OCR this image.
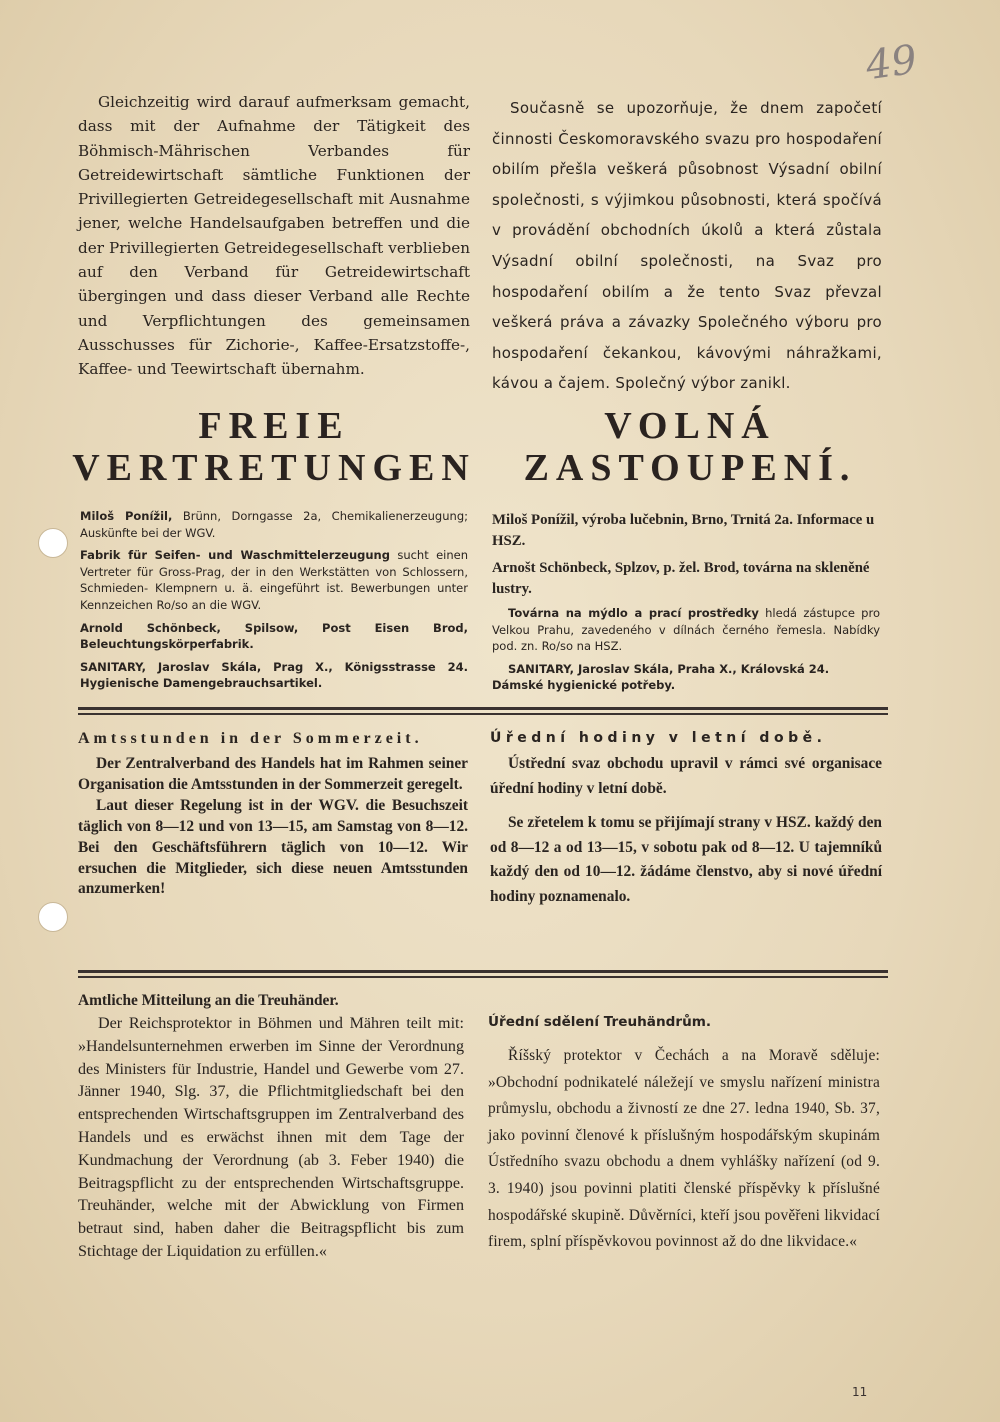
49
Gleichzeitig wird darauf aufmerksam gemacht, dass mit der Aufnahme der Tätigkeit des Böhmisch-Mährischen Verbandes für Getreidewirtschaft sämtliche Funktionen der Privillegierten Getreidegesellschaft mit Ausnahme jener, welche Handelsaufgaben betreffen und die der Privillegierten Getreidegesellschaft verblieben auf den Verband für Getreidewirtschaft übergingen und dass dieser Verband alle Rechte und Verpflichtungen des gemeinsamen Ausschusses für Zichorie-, Kaffee-Ersatzstoffe-, Kaffee- und Teewirtschaft übernahm.
Současně se upozorňuje, že dnem započetí činnosti Českomoravského svazu pro hospodaření obilím přešla veškerá působnost Výsadní obilní společnosti, s výjimkou působnosti, která spočívá v provádění obchodních úkolů a která zůstala Výsadní obilní společnosti, na Svaz pro hospodaření obilím a že tento Svaz převzal veškerá práva a závazky Společného výboru pro hospodaření čekankou, kávovými náhražkami, kávou a čajem. Společný výbor zanikl.
FREIE
VERTRETUNGEN
VOLNÁ
ZASTOUPENÍ.

Miloš Ponížil, Brünn, Dorngasse 2a, Chemikalienerzeugung; Auskünfte bei der WGV.

Fabrik für Seifen- und Waschmittelerzeugung sucht einen Vertreter für Gross-Prag, der in den Werkstätten von Schlossern, Schmieden- Klempnern u. ä. eingeführt ist. Bewerbungen unter Kennzeichen Ro/so an die WGV.

Arnold Schönbeck, Spilsow, Post Eisen Brod, Beleuchtungskörperfabrik.

SANITARY, Jaroslav Skála, Prag X., Königsstrasse 24. Hygienische Damengebrauchsartikel.

Miloš Ponížil, výroba lučebnin, Brno, Trnitá 2a. Informace u HSZ.

Arnošt Schönbeck, Splzov, p. žel. Brod, továrna na skleněné lustry.

Továrna na mýdlo a prací prostředky hledá zástupce pro Velkou Prahu, zavedeného v dílnách černého řemesla. Nabídky pod. zn. Ro/so na HSZ.

SANITARY, Jaroslav Skála, Praha X., Královská 24. Dámské hygienické potřeby.

Amtsstunden in der Sommerzeit.

Der Zentralverband des Handels hat im Rahmen seiner Organisation die Amtsstunden in der Sommerzeit geregelt.

Laut dieser Regelung ist in der WGV. die Besuchszeit täglich von 8—12 und von 13—15, am Samstag von 8—12. Bei den Geschäftsführern täglich von 10—12. Wir ersuchen die Mitglieder, sich diese neuen Amtsstunden anzumerken!

Úřední hodiny v letní době.

Ústřední svaz obchodu upravil v rámci své organisace úřední hodiny v letní době.

Se zřetelem k tomu se přijímají strany v HSZ. každý den od 8—12 a od 13—15, v sobotu pak od 8—12. U tajemníků každý den od 10—12. žádáme členstvo, aby si nové úřední hodiny poznamenalo.

Amtliche Mitteilung an die Treuhänder.
Der Reichsprotektor in Böhmen und Mähren teilt mit: »Handelsunternehmen erwerben im Sinne der Verordnung des Ministers für Industrie, Handel und Gewerbe vom 27. Jänner 1940, Slg. 37, die Pflichtmitgliedschaft bei den entsprechenden Wirtschaftsgruppen im Zentralverband des Handels und es erwächst ihnen mit dem Tage der Kundmachung der Verordnung (ab 3. Feber 1940) die Beitragspflicht zu der entsprechenden Wirtschaftsgruppe. Treuhänder, welche mit der Abwicklung von Firmen betraut sind, haben daher die Beitragspflicht bis zum Stichtage der Liquidation zu erfüllen.«
Úřední sdělení Treuhändrům.
Říšský protektor v Čechách a na Moravě sděluje: »Obchodní podnikatelé náležejí ve smyslu nařízení ministra průmyslu, obchodu a živností ze dne 27. ledna 1940, Sb. 37, jako povinní členové k příslušným hospodářským skupinám Ústředního svazu obchodu a dnem vyhlášky nařízení (od 9. 3. 1940) jsou povinni platiti členské příspěvky k příslušné hospodářské skupině. Důvěrníci, kteří jsou pověřeni likvidací firem, splní příspěvkovou povinnost až do dne likvidace.«
11
